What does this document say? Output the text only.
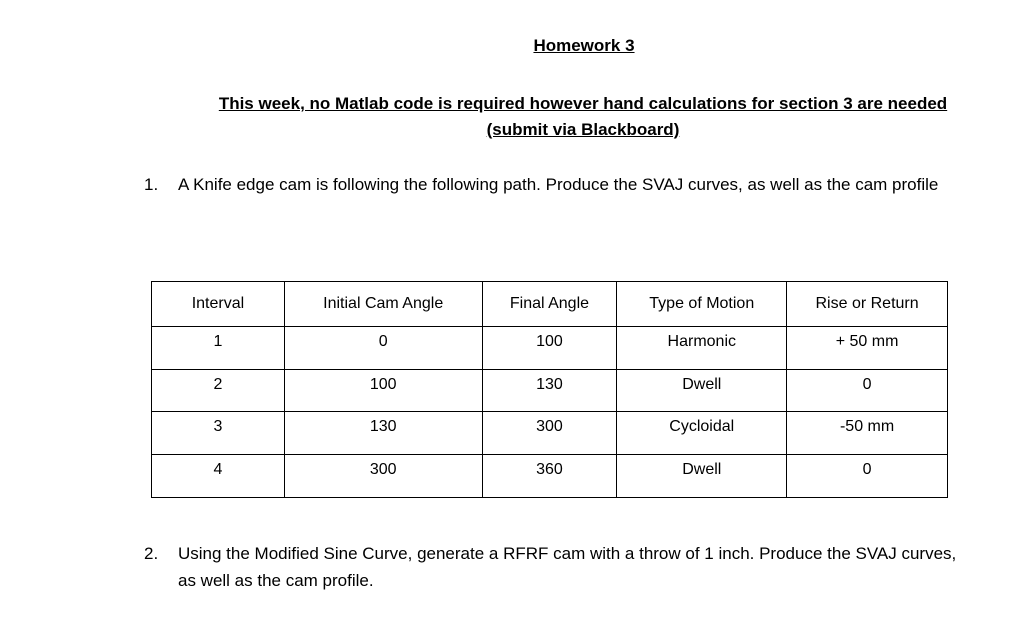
Homework 3
This week, no Matlab code is required however hand calculations for section 3 are needed
(submit via Blackboard)
1. A Knife edge cam is following the following path. Produce the SVAJ curves, as well as the cam profile
Interval	Initial Cam Angle	Final Angle	Type of Motion	Rise or Return
1	0	100	Harmonic	+ 50 mm

2	100	130	Dwell	0

3	130	300	Cycloidal	-50 mm

4	300	360	Dwell	0

2. Using the Modified Sine Curve, generate a RFRF cam with a throw of 1 inch. Produce the SVAJ curves, as well as the cam profile.
